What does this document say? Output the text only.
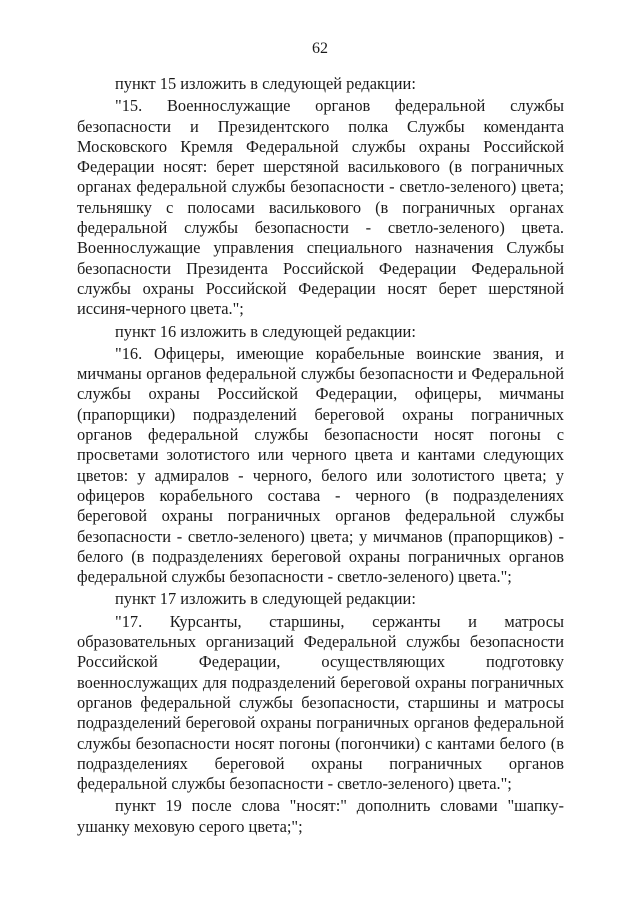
62

пункт 15 изложить в следующей редакции:

"15. Военнослужащие органов федеральной службы безопасности и Президентского полка Службы коменданта Московского Кремля Федеральной службы охраны Российской Федерации носят: берет шерстяной василькового (в пограничных органах федеральной службы безопасности - светло-зеленого) цвета; тельняшку с полосами василькового (в пограничных органах федеральной службы безопасности - светло-зеленого) цвета. Военнослужащие управления специального назначения Службы безопасности Президента Российской Федерации Федеральной службы охраны Российской Федерации носят берет шерстяной иссиня-черного цвета.";

пункт 16 изложить в следующей редакции:

"16. Офицеры, имеющие корабельные воинские звания, и мичманы органов федеральной службы безопасности и Федеральной службы охраны Российской Федерации, офицеры, мичманы (прапорщики) подразделений береговой охраны пограничных органов федеральной службы безопасности носят погоны с просветами золотистого или черного цвета и кантами следующих цветов: у адмиралов - черного, белого или золотистого цвета; у офицеров корабельного состава - черного (в подразделениях береговой охраны пограничных органов федеральной службы безопасности - светло-зеленого) цвета; у мичманов (прапорщиков) - белого (в подразделениях береговой охраны пограничных органов федеральной службы безопасности - светло-зеленого) цвета.";

пункт 17 изложить в следующей редакции:

"17. Курсанты, старшины, сержанты и матросы образовательных организаций Федеральной службы безопасности Российской Федерации, осуществляющих подготовку военнослужащих для подразделений береговой охраны пограничных органов федеральной службы безопасности, старшины и матросы подразделений береговой охраны пограничных органов федеральной службы безопасности носят погоны (погончики) с кантами белого (в подразделениях береговой охраны пограничных органов федеральной службы безопасности - светло-зеленого) цвета.";

пункт 19 после слова "носят:" дополнить словами "шапку-ушанку меховую серого цвета;";
